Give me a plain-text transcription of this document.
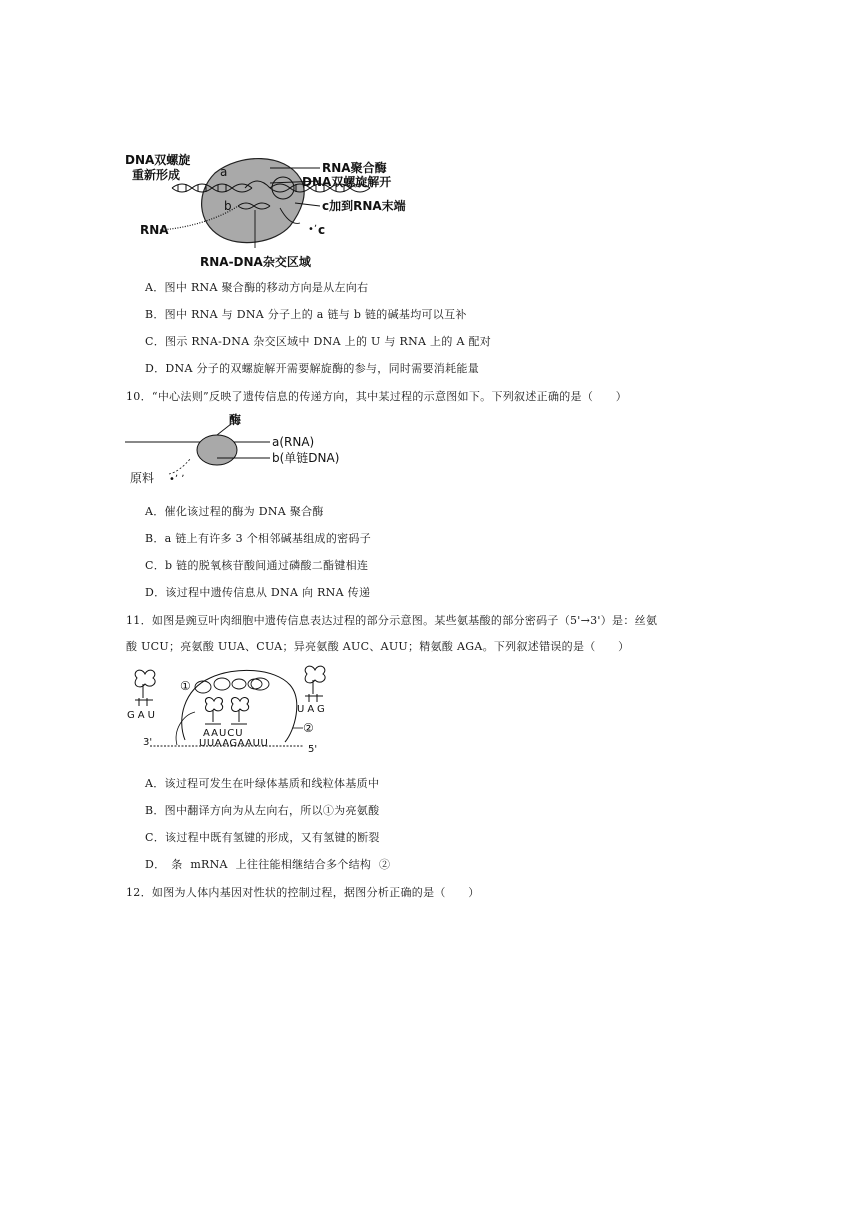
•ʼ
DNA双螺旋
重新形成	a
b
RNA聚合酶
DNA双螺旋解开
c加到RNA末端
c
RNA
RNA-DNA杂交区域
A．图中 RNA 聚合酶的移动方向是从左向右
B．图中 RNA 与 DNA 分子上的 a 链与 b 链的碱基均可以互补
C．图示 RNA-DNA 杂交区域中 DNA 上的 U 与 RNA 上的 A 配对
D．DNA 分子的双螺旋解开需要解旋酶的参与，同时需要消耗能量
10．“中心法则”反映了遗传信息的传递方向，其中某过程的示意图如下。下列叙述正确的是（　　）
•ʼ ʼ
酶
a(RNA)
b(单链DNA)
原料
A．催化该过程的酶为 DNA 聚合酶
B．a 链上有许多 3 个相邻碱基组成的密码子
C．b 链的脱氧核苷酸间通过磷酸二酯键相连
D．该过程中遗传信息从 DNA 向 RNA 传递
11．如图是豌豆叶肉细胞中遗传信息表达过程的部分示意图。某些氨基酸的部分密码子（5'→3'）是：丝氨
酸 UCU；亮氨酸 UUA、CUA；异亮氨酸 AUC、AUU；精氨酸 AGA。下列叙述错误的是（　　）
GAU
UAG
①
②
3'
5'
AAUCU
UUAAGAAUU
A．该过程可发生在叶绿体基质和线粒体基质中
B．图中翻译方向为从左向右，所以①为亮氨酸
C．该过程中既有氢键的形成，又有氢键的断裂
D．　条 mRNA 上往往能相继结合多个结构 ②
12．如图为人体内基因对性状的控制过程，据图分析正确的是（　　）
